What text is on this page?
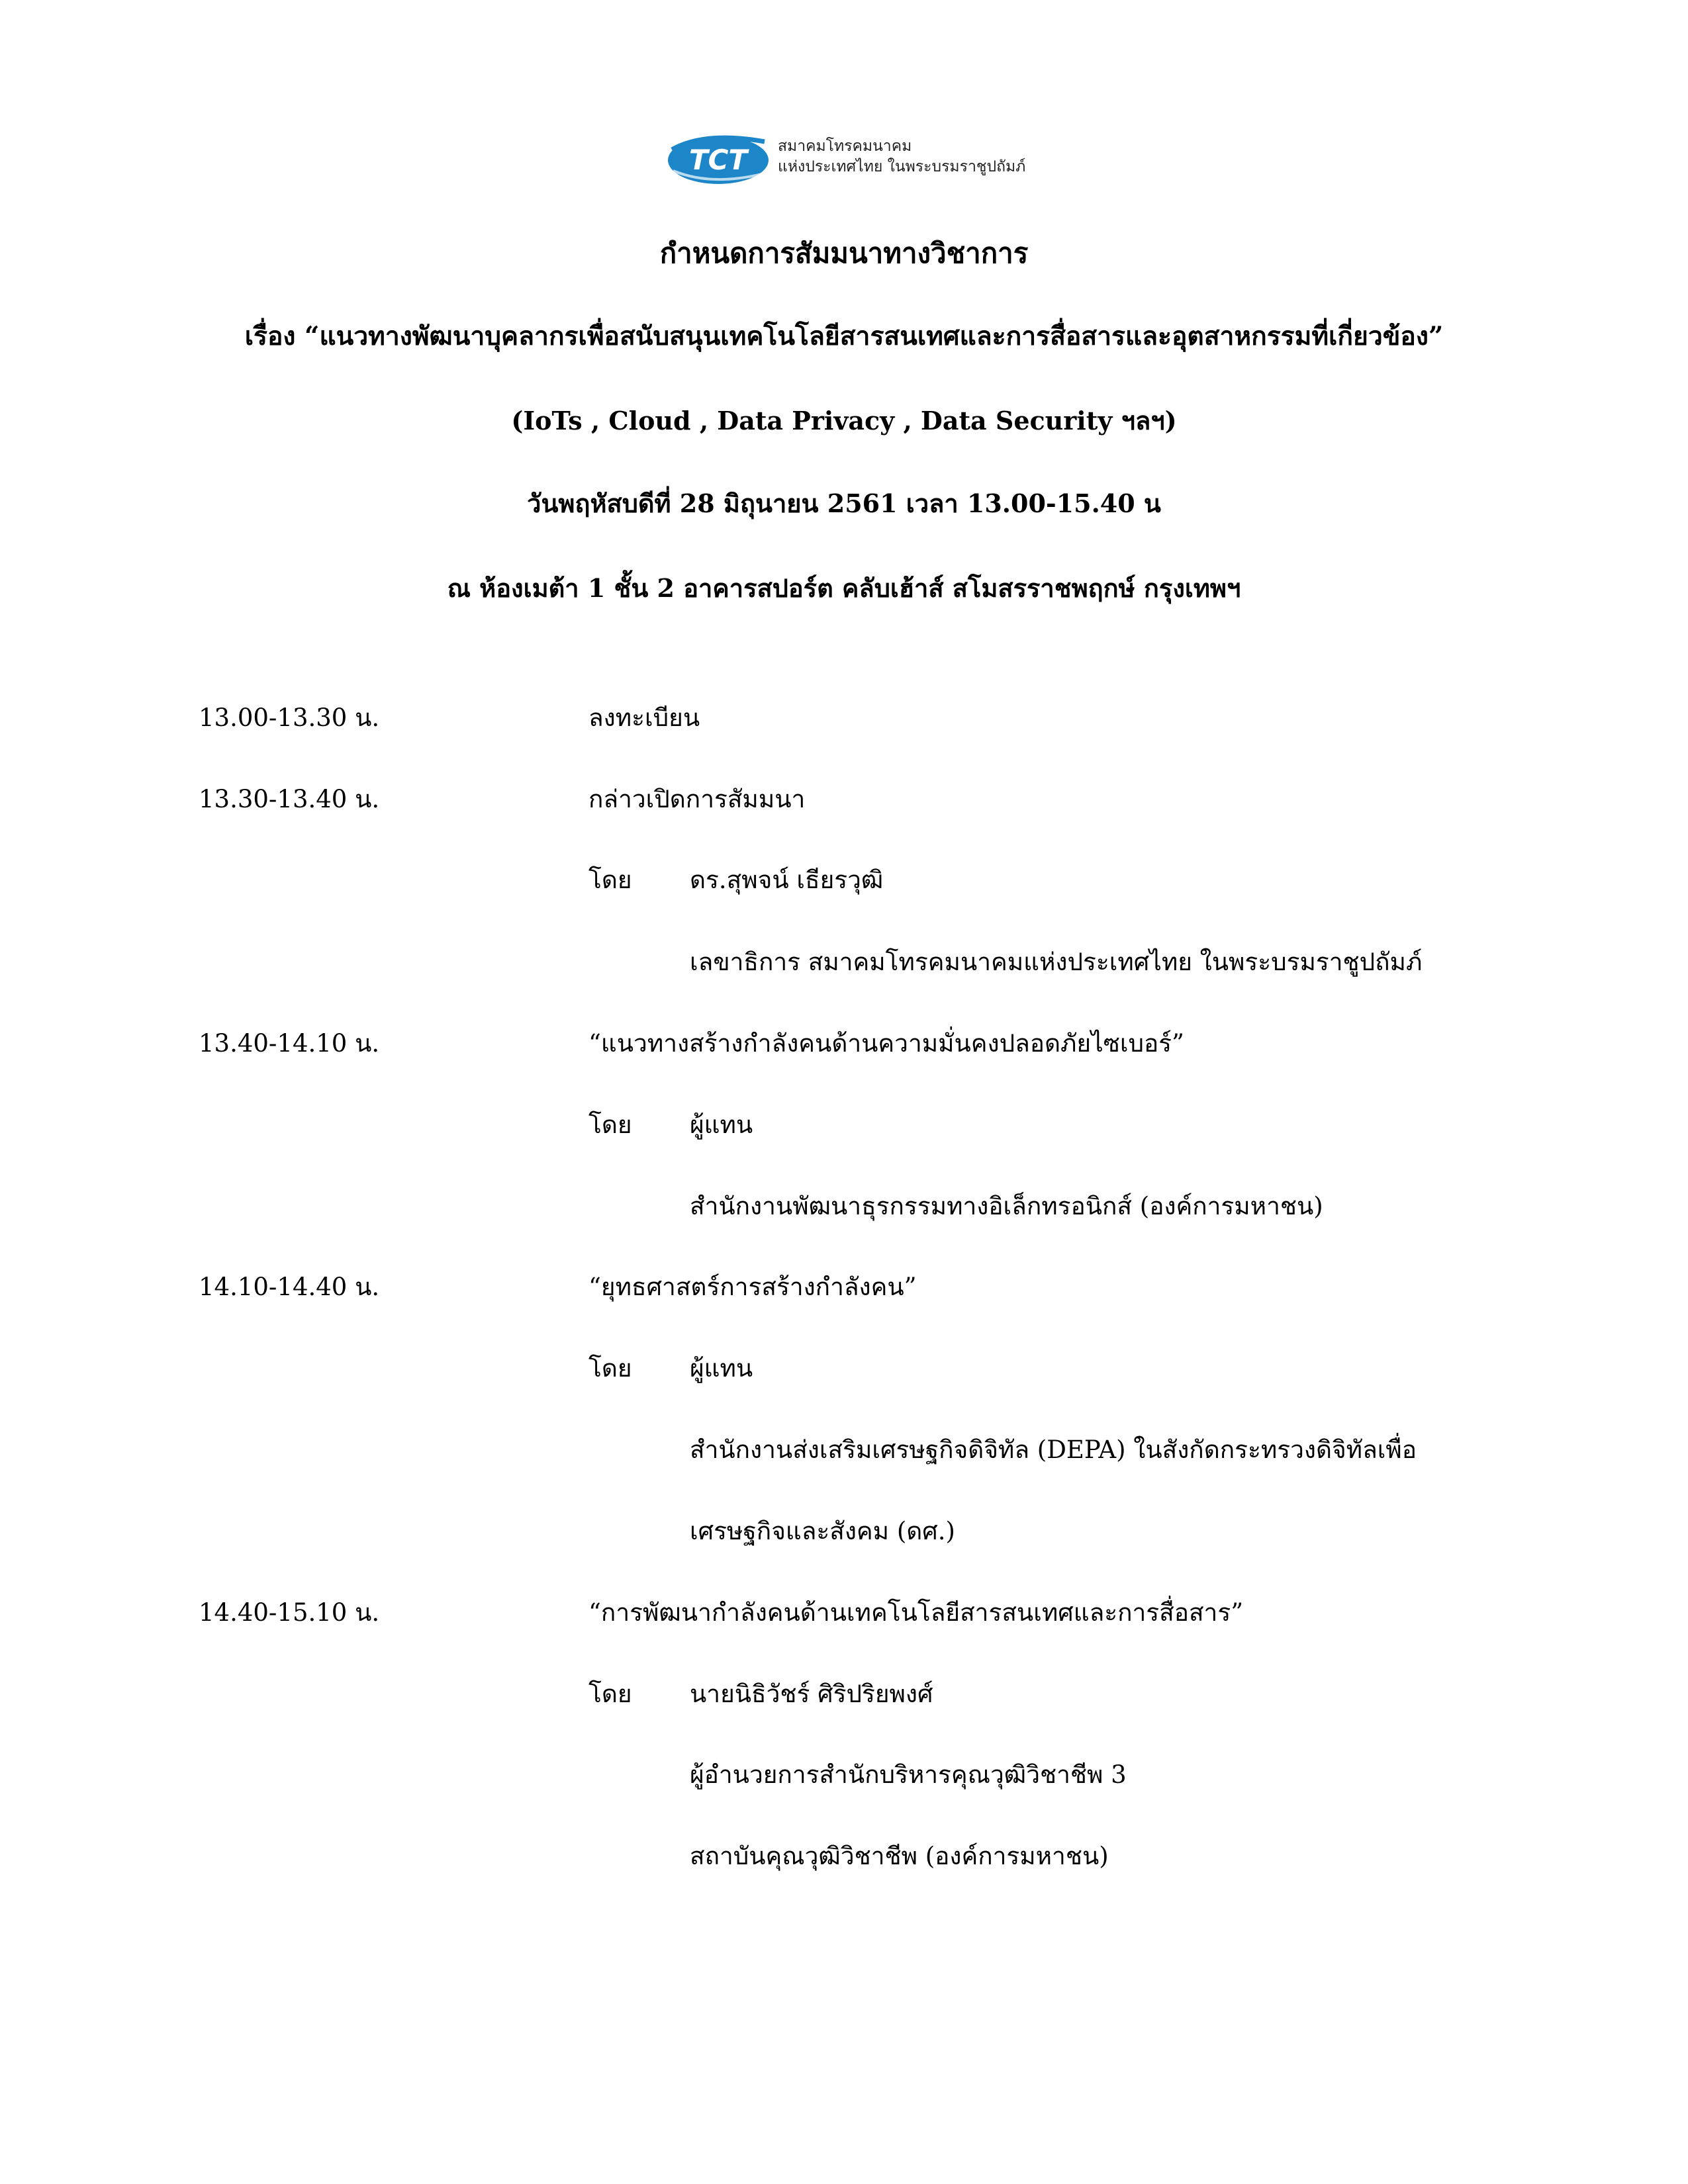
TCT สมาคมโทรคมนาคม
แห่งประเทศไทย ในพระบรมราชูปถัมภ์
กำหนดการสัมมนาทางวิชาการ
เรื่อง “แนวทางพัฒนาบุคลากรเพื่อสนับสนุนเทคโนโลยีสารสนเทศและการสื่อสารและอุตสาหกรรมที่เกี่ยวข้อง”
(IoTs , Cloud , Data Privacy , Data Security ฯลฯ)
วันพฤหัสบดีที่ 28 มิถุนายน 2561 เวลา 13.00-15.40 น
ณ ห้องเมต้า 1 ชั้น 2 อาคารสปอร์ต คลับเฮ้าส์ สโมสรราชพฤกษ์ กรุงเทพฯ
13.00-13.30 น.	ลงทะเบียน
13.30-13.40 น.	กล่าวเปิดการสัมมนา
โดย ดร.สุพจน์ เธียรวุฒิ
เลขาธิการ สมาคมโทรคมนาคมแห่งประเทศไทย ในพระบรมราชูปถัมภ์
13.40-14.10 น.	“แนวทางสร้างกำลังคนด้านความมั่นคงปลอดภัยไซเบอร์”
โดย ผู้แทน
สำนักงานพัฒนาธุรกรรมทางอิเล็กทรอนิกส์ (องค์การมหาชน)
14.10-14.40 น.	“ยุทธศาสตร์การสร้างกำลังคน”
โดย ผู้แทน
สำนักงานส่งเสริมเศรษฐกิจดิจิทัล (DEPA) ในสังกัดกระทรวงดิจิทัลเพื่อ
เศรษฐกิจและสังคม (ดศ.)
14.40-15.10 น.	“การพัฒนากำลังคนด้านเทคโนโลยีสารสนเทศและการสื่อสาร”
โดย นายนิธิวัชร์ ศิริปริยพงศ์
ผู้อำนวยการสำนักบริหารคุณวุฒิวิชาชีพ 3
สถาบันคุณวุฒิวิชาชีพ (องค์การมหาชน)
